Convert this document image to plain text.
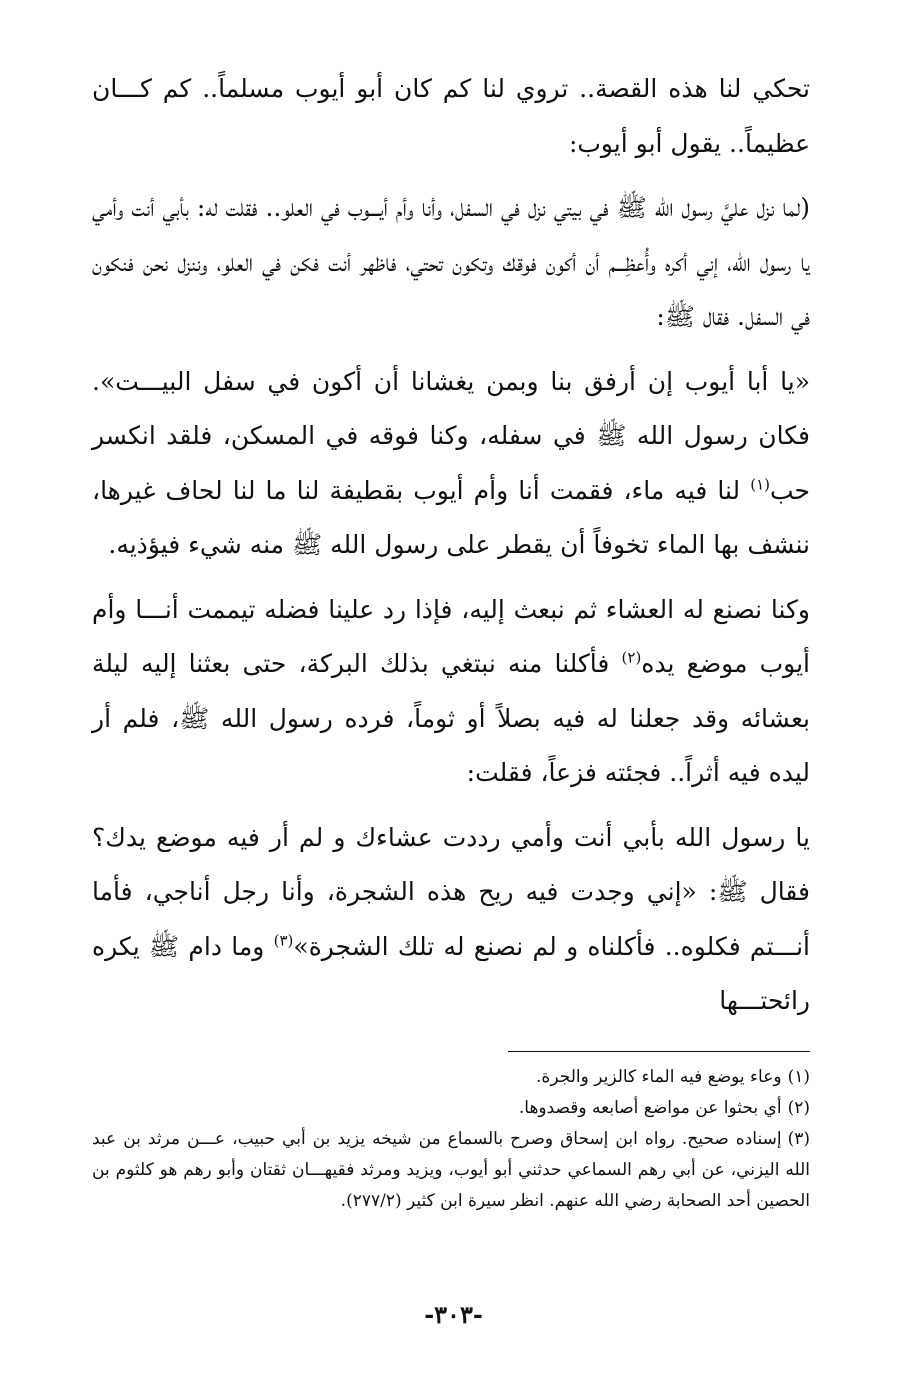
تحكي لنا هذه القصة.. تروي لنا كم كان أبو أيوب مسلماً.. كم كـــان عظيماً.. يقول أبو أيوب:

(لما نزل عليَّ رسول الله ﷺ في بيتي نزل في السفل، وأنا وأم أيـــوب في العلو.. فقلت له: بأبي أنت وأمي يا رسول الله، إني أكره وأُعظِـــم أن أكون فوقك وتكون تحتي، فاظهر أنت فكن في العلو، وننزل نحن فنكون في السفل. فقال ﷺ:

«يا أبا أيوب إن أرفق بنا وبمن يغشانا أن أكون في سفل البيـــت». فكان رسول الله ﷺ في سفله، وكنا فوقه في المسكن، فلقد انكسر حب$^{(١)}$ لنا فيه ماء، فقمت أنا وأم أيوب بقطيفة لنا ما لنا لحاف غيرها، ننشف بها الماء تخوفاً أن يقطر على رسول الله ﷺ منه شيء فيؤذيه.

وكنا نصنع له العشاء ثم نبعث إليه، فإذا رد علينا فضله تيممت أنـــا وأم أيوب موضع يده$^{(٢)}$ فأكلنا منه نبتغي بذلك البركة، حتى بعثنا إليه ليلة بعشائه وقد جعلنا له فيه بصلاً أو ثوماً، فرده رسول الله ﷺ، فلم أر ليده فيه أثراً.. فجئته فزعاً، فقلت:

يا رسول الله بأبي أنت وأمي رددت عشاءك و لم أر فيه موضع يدك؟ فقال ﷺ: «إني وجدت فيه ريح هذه الشجرة، وأنا رجل أناجي، فأما أنـــتم فكلوه.. فأكلناه و لم نصنع له تلك الشجرة»$^{(٣)}$ وما دام ﷺ يكره رائحتـــها

(١)وعاء يوضع فيه الماء كالزير والجرة.

(٢)أي بحثوا عن مواضع أصابعه وقصدوها.

(٣)إسناده صحيح. رواه ابن إسحاق وصرح بالسماع من شيخه يزيد بن أبي حبيب، عـــن مرثد بن عبد الله اليزني، عن أبي رهم السماعي حدثني أبو أيوب، ويزيد ومرثد فقيهـــان ثقتان وأبو رهم هو كلثوم بن الحصين أحد الصحابة رضي الله عنهم. انظر سيرة ابن كثير (٢٧٧/٢).

-٣٠٣-
